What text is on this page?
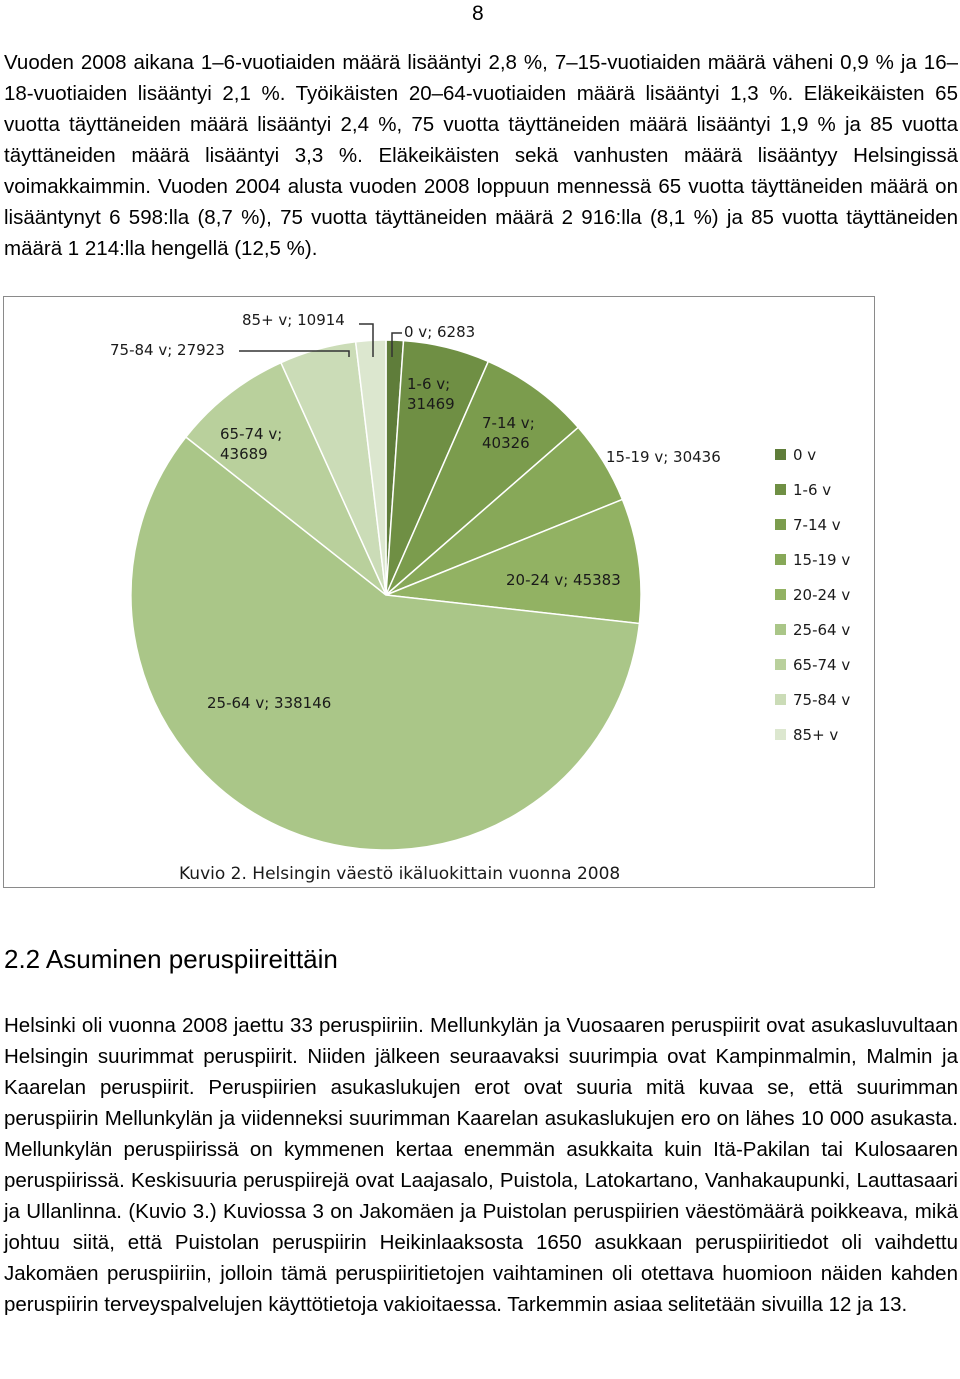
8

Vuoden 2008 aikana 1–6-vuotiaiden määrä lisääntyi 2,8 %, 7–15-vuotiaiden määrä väheni 0,9 % ja 16–18-vuotiaiden lisääntyi 2,1 %. Työikäisten 20–64-vuotiaiden määrä lisääntyi 1,3 %. Eläkeikäisten 65 vuotta täyttäneiden määrä lisääntyi 2,4 %, 75 vuotta täyttäneiden määrä lisääntyi 1,9 % ja 85 vuotta täyttäneiden määrä lisääntyi 3,3 %. Eläkeikäisten sekä vanhusten määrä lisääntyy Helsingissä voimakkaimmin. Vuoden 2004 alusta vuoden 2008 loppuun mennessä 65 vuotta täyttäneiden määrä on lisääntynyt 6 598:lla (8,7 %), 75 vuotta täyttäneiden määrä 2 916:lla (8,1 %) ja 85 vuotta täyttäneiden määrä 1 214:lla hengellä (12,5 %).

0 v; 6283
1-6 v; 31469
7-14 v; 40326
15-19 v; 30436
20-24 v; 45383
25-64 v; 338146
65-74 v; 43689
75-84 v; 27923
85+ v; 10914
0 v
1-6 v
7-14 v
15-19 v
20-24 v
25-64 v
65-74 v
75-84 v
85+ v
Kuvio 2. Helsingin väestö ikäluokittain vuonna 2008
2.2 Asuminen peruspiireittäin

Helsinki oli vuonna 2008 jaettu 33 peruspiiriin. Mellunkylän ja Vuosaaren peruspiirit ovat asukasluvultaan Helsingin suurimmat peruspiirit. Niiden jälkeen seuraavaksi suurimpia ovat Kampinmalmin, Malmin ja Kaarelan peruspiirit. Peruspiirien asukaslukujen erot ovat suuria mitä kuvaa se, että suurimman peruspiirin Mellunkylän ja viidenneksi suurimman Kaarelan asukaslukujen ero on lähes 10 000 asukasta. Mellunkylän peruspiirissä on kymmenen kertaa enemmän asukkaita kuin Itä-Pakilan tai Kulosaaren peruspiirissä. Keskisuuria peruspiirejä ovat Laajasalo, Puistola, Latokartano, Vanhakaupunki, Lauttasaari ja Ullanlinna. (Kuvio 3.) Kuviossa 3 on Jakomäen ja Puistolan peruspiirien väestömäärä poikkeava, mikä johtuu siitä, että Puistolan peruspiirin Heikinlaaksosta 1650 asukkaan peruspiiritiedot oli vaihdettu Jakomäen peruspiiriin, jolloin tämä peruspiiritietojen vaihtaminen oli otettava huomioon näiden kahden peruspiirin terveyspalvelujen käyttötietoja vakioitaessa. Tarkemmin asiaa selitetään sivuilla 12 ja 13.
